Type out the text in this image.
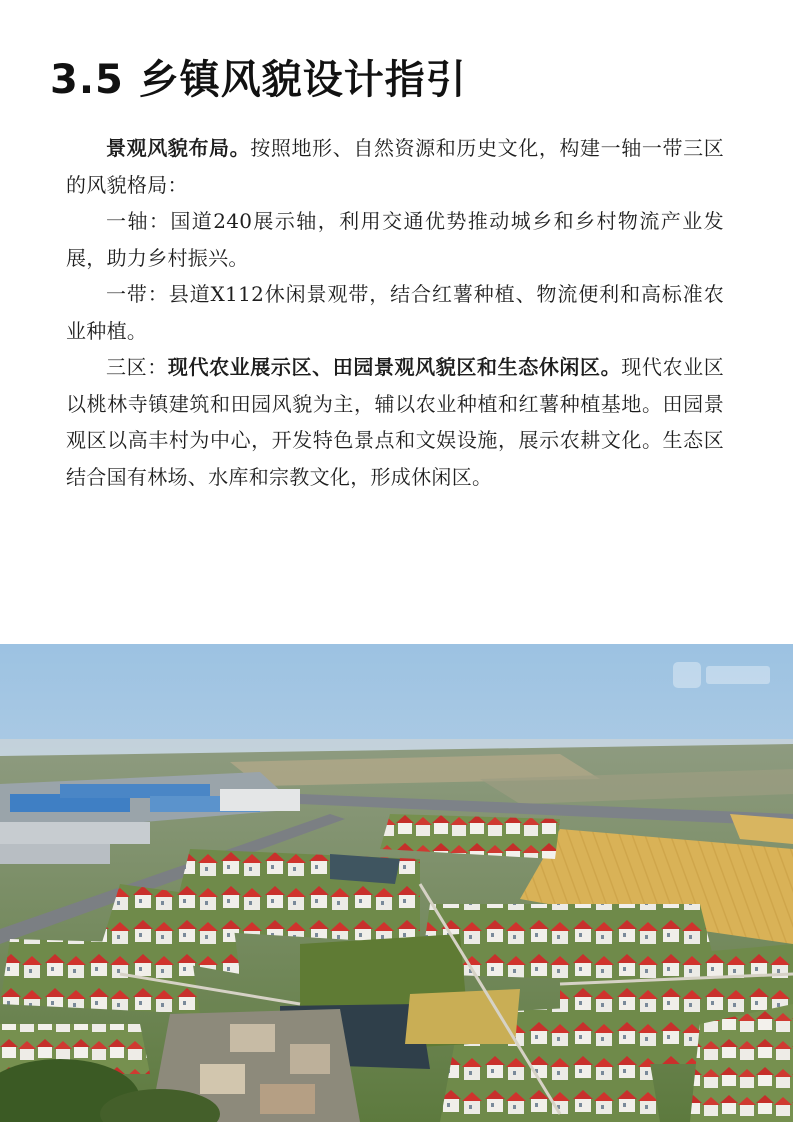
3.5 乡镇风貌设计指引

景观风貌布局。按照地形、自然资源和历史文化，构建一轴一带三区的风貌格局：

一轴：国道240展示轴，利用交通优势推动城乡和乡村物流产业发展，助力乡村振兴。

一带：县道X112休闲景观带，结合红薯种植、物流便利和高标准农业种植。

三区：现代农业展示区、田园景观风貌区和生态休闲区。现代农业区以桃林寺镇建筑和田园风貌为主，辅以农业种植和红薯种植基地。田园景观区以高丰村为中心，开发特色景点和文娱设施，展示农耕文化。生态区结合国有林场、水库和宗教文化，形成休闲区。
